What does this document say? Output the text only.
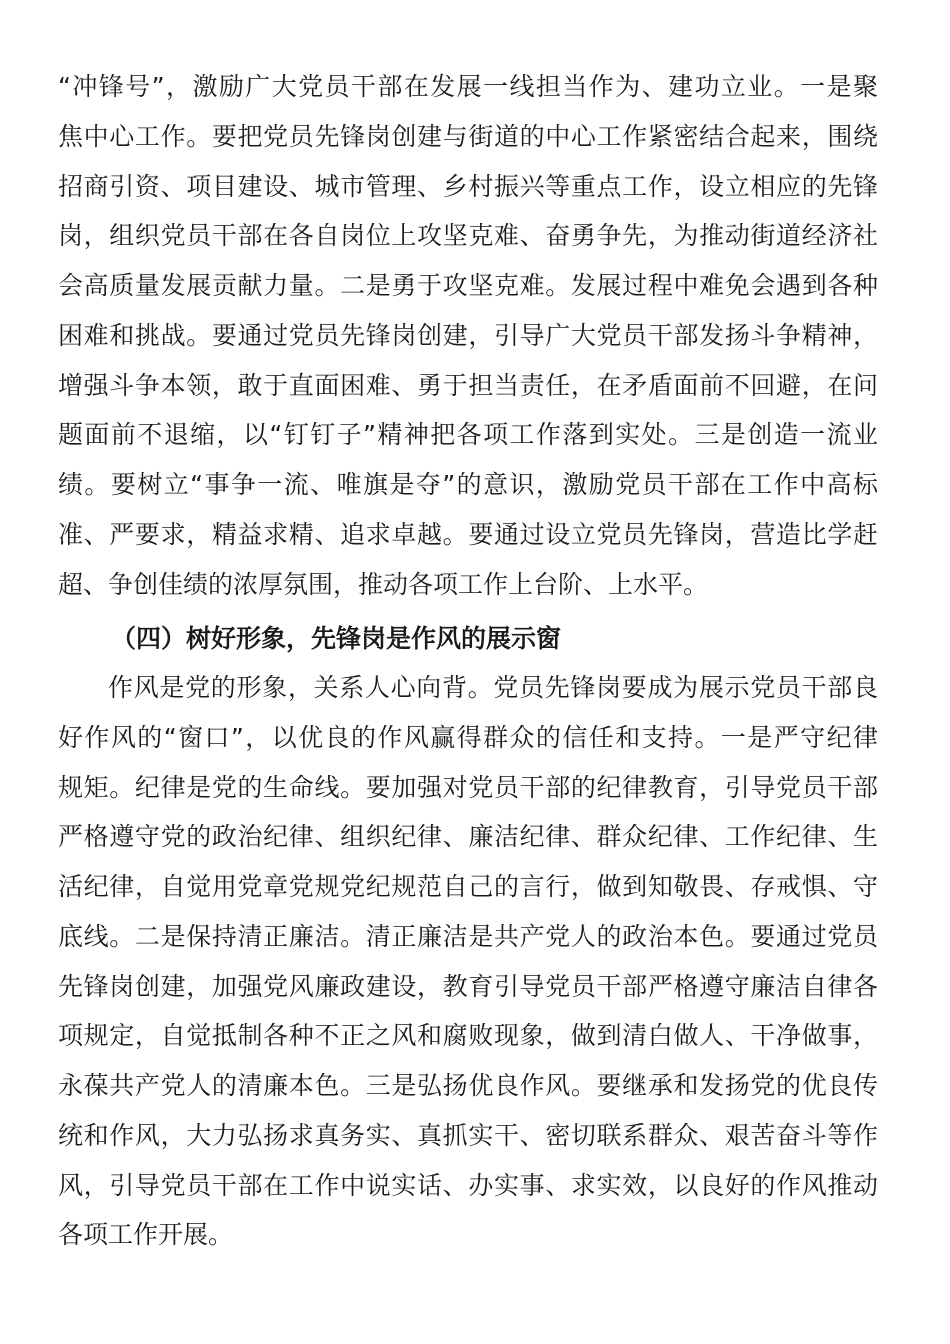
“冲锋号”，激励广大党员干部在发展一线担当作为、建功立业。一是聚
焦中心工作。要把党员先锋岗创建与街道的中心工作紧密结合起来，围绕
招商引资、项目建设、城市管理、乡村振兴等重点工作，设立相应的先锋
岗，组织党员干部在各自岗位上攻坚克难、奋勇争先，为推动街道经济社
会高质量发展贡献力量。二是勇于攻坚克难。发展过程中难免会遇到各种
困难和挑战。要通过党员先锋岗创建，引导广大党员干部发扬斗争精神，
增强斗争本领，敢于直面困难、勇于担当责任，在矛盾面前不回避，在问
题面前不退缩，以“钉钉子”精神把各项工作落到实处。三是创造一流业
绩。要树立“事争一流、唯旗是夺”的意识，激励党员干部在工作中高标
准、严要求，精益求精、追求卓越。要通过设立党员先锋岗，营造比学赶
超、争创佳绩的浓厚氛围，推动各项工作上台阶、上水平。
（四）树好形象，先锋岗是作风的展示窗
作风是党的形象，关系人心向背。党员先锋岗要成为展示党员干部良
好作风的“窗口”，以优良的作风赢得群众的信任和支持。一是严守纪律
规矩。纪律是党的生命线。要加强对党员干部的纪律教育，引导党员干部
严格遵守党的政治纪律、组织纪律、廉洁纪律、群众纪律、工作纪律、生
活纪律，自觉用党章党规党纪规范自己的言行，做到知敬畏、存戒惧、守
底线。二是保持清正廉洁。清正廉洁是共产党人的政治本色。要通过党员
先锋岗创建，加强党风廉政建设，教育引导党员干部严格遵守廉洁自律各
项规定，自觉抵制各种不正之风和腐败现象，做到清白做人、干净做事，
永葆共产党人的清廉本色。三是弘扬优良作风。要继承和发扬党的优良传
统和作风，大力弘扬求真务实、真抓实干、密切联系群众、艰苦奋斗等作
风，引导党员干部在工作中说实话、办实事、求实效，以良好的作风推动
各项工作开展。
